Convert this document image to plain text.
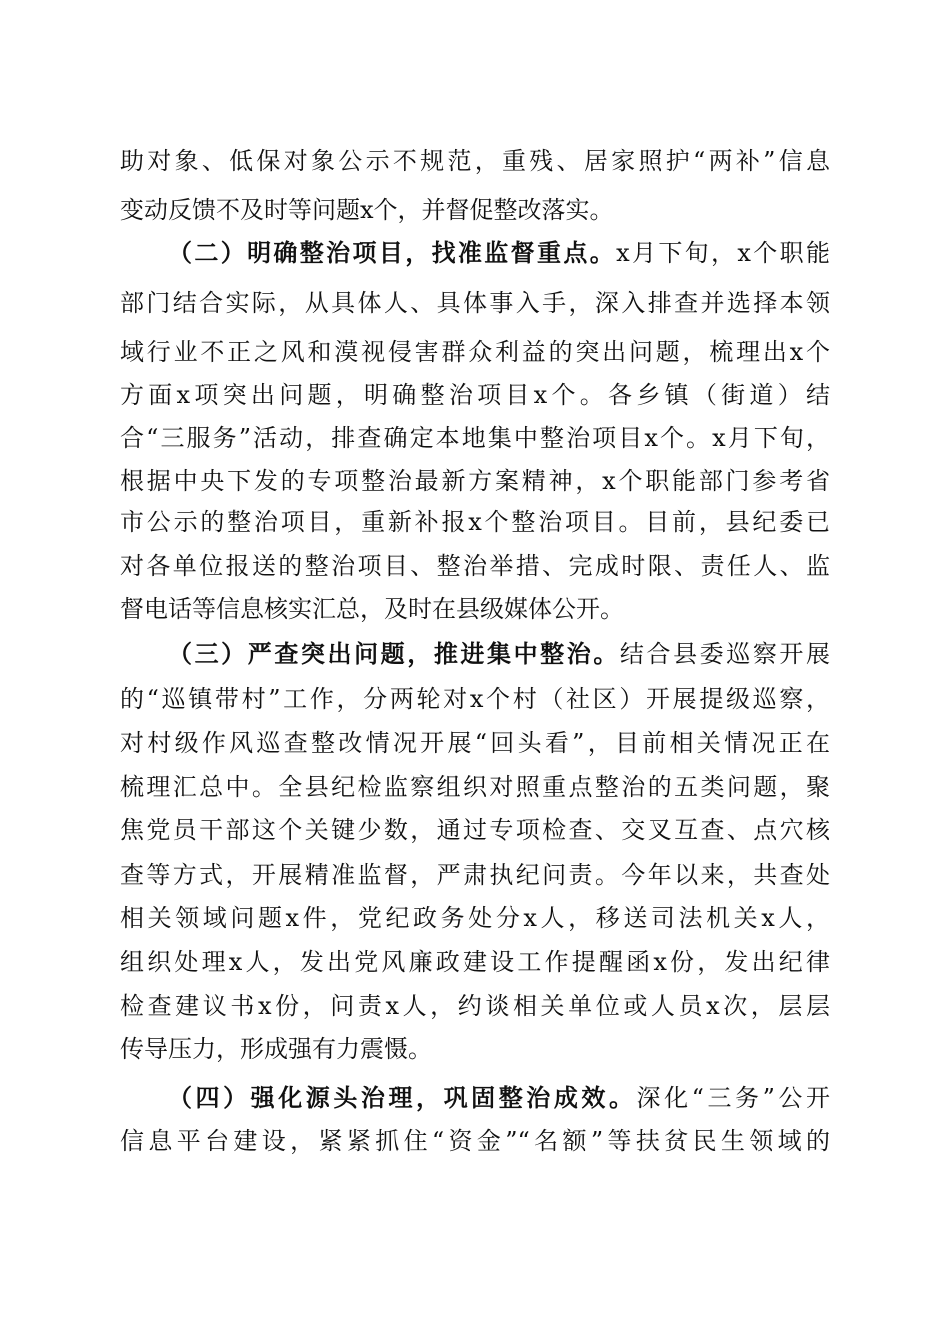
助对象、低保对象公示不规范，重残、居家照护“两补”信息
变动反馈不及时等问题x个，并督促整改落实。
（二）明确整治项目，找准监督重点。x月下旬，x个职能
部门结合实际，从具体人、具体事入手，深入排查并选择本领
域行业不正之风和漠视侵害群众利益的突出问题，梳理出x个
方面x项突出问题，明确整治项目x个。各乡镇（街道）结
合“三服务”活动，排查确定本地集中整治项目x个。x月下旬，
根据中央下发的专项整治最新方案精神，x个职能部门参考省
市公示的整治项目，重新补报x个整治项目。目前，县纪委已
对各单位报送的整治项目、整治举措、完成时限、责任人、监
督电话等信息核实汇总，及时在县级媒体公开。
（三）严查突出问题，推进集中整治。结合县委巡察开展
的“巡镇带村”工作，分两轮对x个村（社区）开展提级巡察，
对村级作风巡查整改情况开展“回头看”，目前相关情况正在
梳理汇总中。全县纪检监察组织对照重点整治的五类问题，聚
焦党员干部这个关键少数，通过专项检查、交叉互查、点穴核
查等方式，开展精准监督，严肃执纪问责。今年以来，共查处
相关领域问题x件，党纪政务处分x人，移送司法机关x人，
组织处理x人，发出党风廉政建设工作提醒函x份，发出纪律
检查建议书x份，问责x人，约谈相关单位或人员x次，层层
传导压力，形成强有力震慑。
（四）强化源头治理，巩固整治成效。深化“三务”公开
信息平台建设，紧紧抓住“资金”“名额”等扶贫民生领域的
